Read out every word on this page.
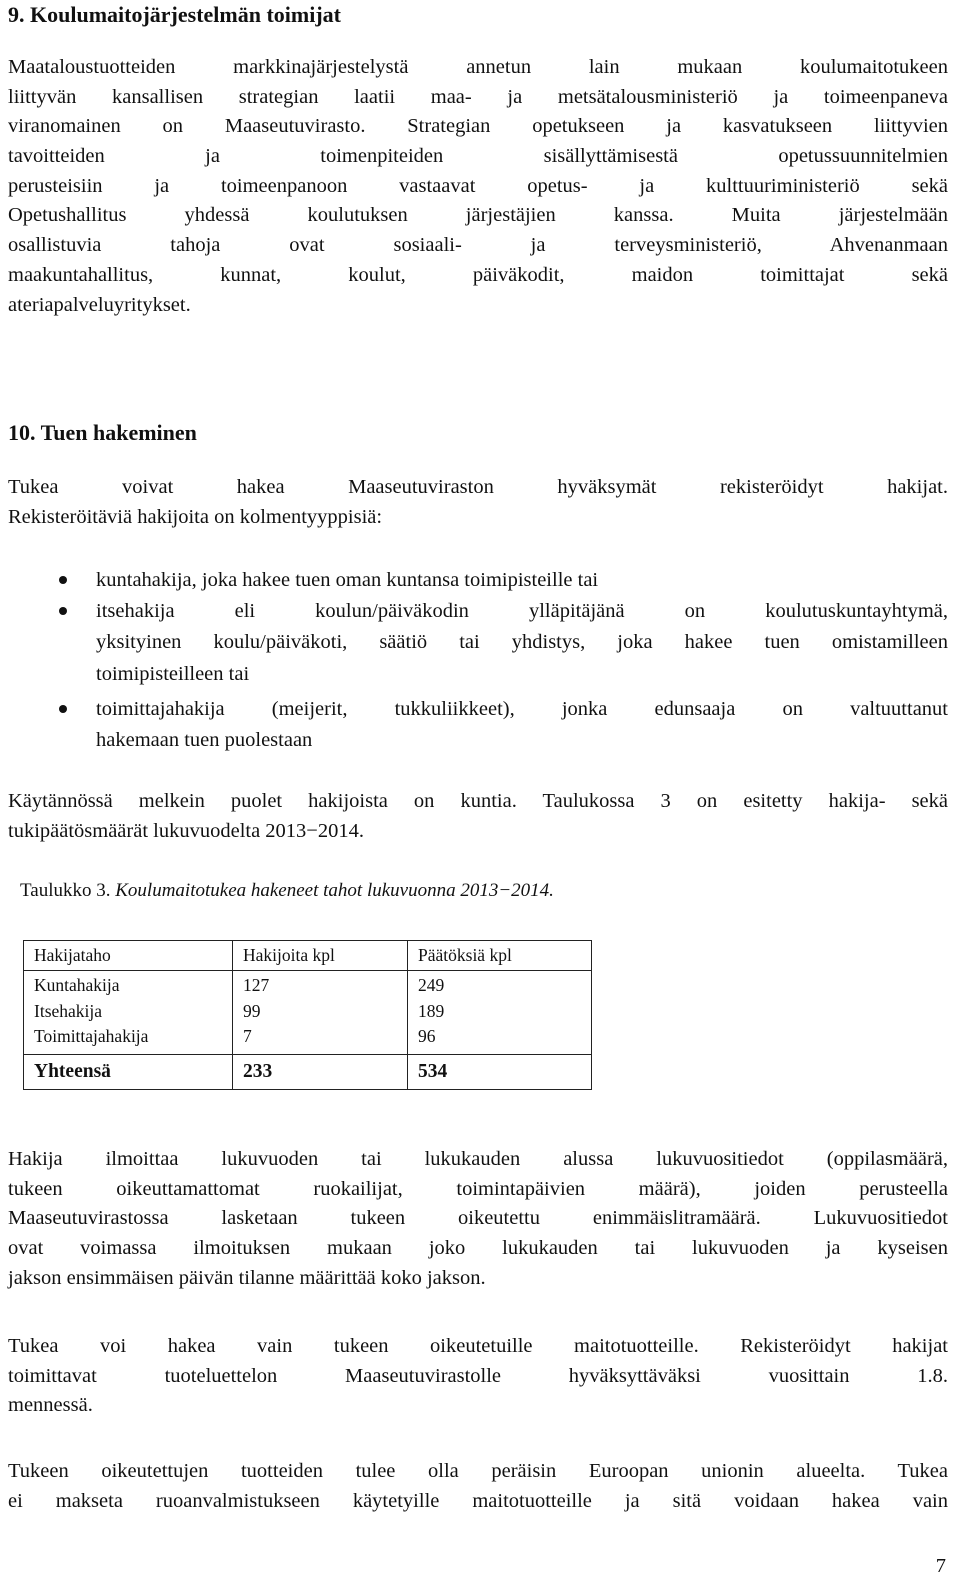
9. Koulumaitojärjestelmän toimijat

Maataloustuotteiden markkinajärjestelystä annetun lain mukaan koulumaitotukeen
liittyvän kansallisen strategian laatii maa- ja metsätalousministeriö ja toimeenpaneva
viranomainen on Maaseutuvirasto. Strategian opetukseen ja kasvatukseen liittyvien
tavoitteiden ja toimenpiteiden sisällyttämisestä opetussuunnitelmien
perusteisiin ja toimeenpanoon vastaavat opetus- ja kulttuuriministeriö sekä
Opetushallitus yhdessä koulutuksen järjestäjien kanssa. Muita järjestelmään
osallistuvia tahoja ovat sosiaali- ja terveysministeriö, Ahvenanmaan
maakuntahallitus, kunnat, koulut, päiväkodit, maidon toimittajat sekä
ateriapalveluyritykset.

10. Tuen hakeminen

Tukea voivat hakea Maaseutuviraston hyväksymät rekisteröidyt hakijat.
Rekisteröitäviä hakijoita on kolmentyyppisiä:

kuntahakija, joka hakee tuen oman kuntansa toimipisteille tai

itsehakija eli koulun/päiväkodin ylläpitäjänä on koulutuskuntayhtymä,
yksityinen koulu/päiväkoti, säätiö tai yhdistys, joka hakee tuen omistamilleen
toimipisteilleen tai

toimittajahakija (meijerit, tukkuliikkeet), jonka edunsaaja on valtuuttanut
hakemaan tuen puolestaan

Käytännössä melkein puolet hakijoista on kuntia. Taulukossa 3 on esitetty hakija- sekä
tukipäätösmäärät lukuvuodelta 2013−2014.

Taulukko 3. Koulumaitotukea hakeneet tahot lukuvuonna 2013−2014.

Hakijataho	Hakijoita kpl	Päätöksiä kpl
Kuntahakija	127	249
Itsehakija	99	189
Toimittajahakija	7	96
Yhteensä	233	534

Hakija ilmoittaa lukuvuoden tai lukukauden alussa lukuvuositiedot (oppilasmäärä,
tukeen oikeuttamattomat ruokailijat, toimintapäivien määrä), joiden perusteella
Maaseutuvirastossa lasketaan tukeen oikeutettu enimmäislitramäärä. Lukuvuositiedot
ovat voimassa ilmoituksen mukaan joko lukukauden tai lukuvuoden ja kyseisen
jakson ensimmäisen päivän tilanne määrittää koko jakson.

Tukea voi hakea vain tukeen oikeutetuille maitotuotteille. Rekisteröidyt hakijat
toimittavat tuoteluettelon Maaseutuvirastolle hyväksyttäväksi vuosittain 1.8.
mennessä.

Tukeen oikeutettujen tuotteiden tulee olla peräisin Euroopan unionin alueelta. Tukea
ei makseta ruoanvalmistukseen käytetyille maitotuotteille ja sitä voidaan hakea vain

7
